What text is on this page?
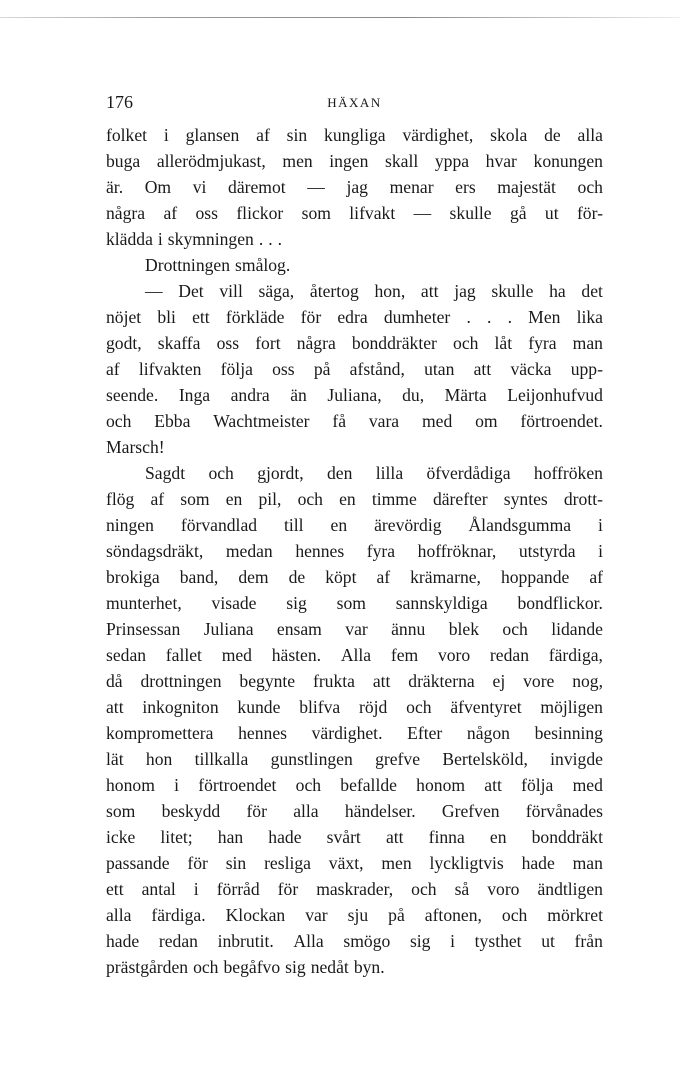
176	HÄXAN
folket i glansen af sin kungliga värdighet, skola de alla
buga allerödmjukast, men ingen skall yppa hvar konungen
är. Om vi däremot — jag menar ers majestät och
några af oss flickor som lifvakt — skulle gå ut för-
klädda i skymningen . . .
Drottningen smålog.
— Det vill säga, återtog hon, att jag skulle ha det
nöjet bli ett förkläde för edra dumheter . . . Men lika
godt, skaffa oss fort några bonddräkter och låt fyra man
af lifvakten följa oss på afstånd, utan att väcka upp-
seende. Inga andra än Juliana, du, Märta Leijonhufvud
och Ebba Wachtmeister få vara med om förtroendet.
Marsch!
Sagdt och gjordt, den lilla öfverdådiga hoffröken
flög af som en pil, och en timme därefter syntes drott-
ningen förvandlad till en ärevördig Ålandsgumma i
söndagsdräkt, medan hennes fyra hoffröknar, utstyrda i
brokiga band, dem de köpt af krämarne, hoppande af
munterhet, visade sig som sannskyldiga bondflickor.
Prinsessan Juliana ensam var ännu blek och lidande
sedan fallet med hästen. Alla fem voro redan färdiga,
då drottningen begynte frukta att dräkterna ej vore nog,
att inkogniton kunde blifva röjd och äfventyret möjligen
kompromettera hennes värdighet. Efter någon besinning
lät hon tillkalla gunstlingen grefve Bertelsköld, invigde
honom i förtroendet och befallde honom att följa med
som beskydd för alla händelser. Grefven förvånades
icke litet; han hade svårt att finna en bonddräkt
passande för sin resliga växt, men lyckligtvis hade man
ett antal i förråd för maskrader, och så voro ändtligen
alla färdiga. Klockan var sju på aftonen, och mörkret
hade redan inbrutit. Alla smögo sig i tysthet ut från
prästgården och begåfvo sig nedåt byn.
